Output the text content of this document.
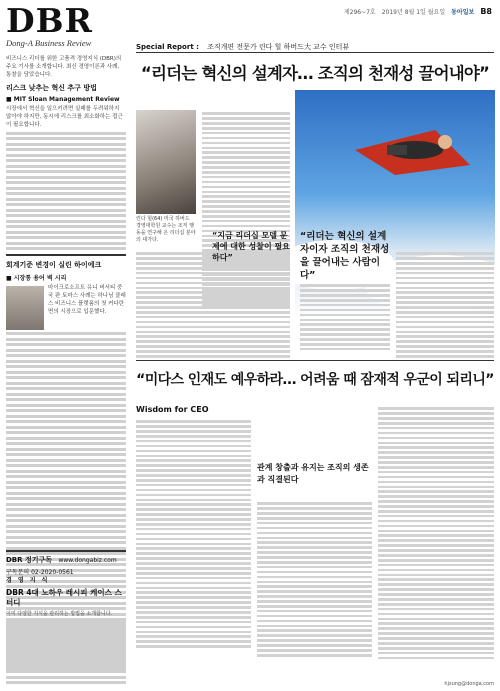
DBR
Dong-A Business Review
제296~7호 2019년 8월 1일 월요일 동아일보 B8
Special Report : 조직개편 전문가 린다 힐 하버드大 교수 인터뷰
“리더는 혁신의 설계자… 조직의 천재성 끌어내야”
비즈니스 리더를 위한 고품격 경영지식 (DBR)의 주요 기사를 소개합니다. 최신 경영이론과 사례, 통찰을 담았습니다.
리스크 낮추는 혁신 추구 방법
■ MIT Sloan Management Review
시장에서 혁신을 일으키려면 실패를 두려워하지 않아야 하지만, 동시에 리스크를 최소화하는 접근이 필요합니다.
회계기준 변경이 실린 하이에크
■ 시장통 용어 벽 시리
마이크로소프트 유니 버서티 중국 판 토마스 사례는 하나님 클래스 비즈니스 플랫폼의 첫 커다란 면의 시장으로 입문했다.
DBR 정기구독 www.dongabiz.com
구독문의 02-2020-0561
린다 힐(64) 미국 하버드 경영대학원 교수는 조직 행동을 연구해 온 리더십 분야의 대가다.	“리더는 혁신의 설계자이자 조직의 천재성을 끌어내는 사람이다”
“지금 리더십 모델 문제에 대한 성찰이 필요하다”
“미다스 인재도 예우하라… 어려움 때 잠재적 우군이 되리니”
Wisdom for CEO
관계 창출과 유지는 조직의 생존과 직결된다
경 영 지 식
DBR 4대 노하우 레시피 케이스 스터디
이미 다양한 지식을 관리하는 방법을 소개합니다.
hjsung@donga.com
